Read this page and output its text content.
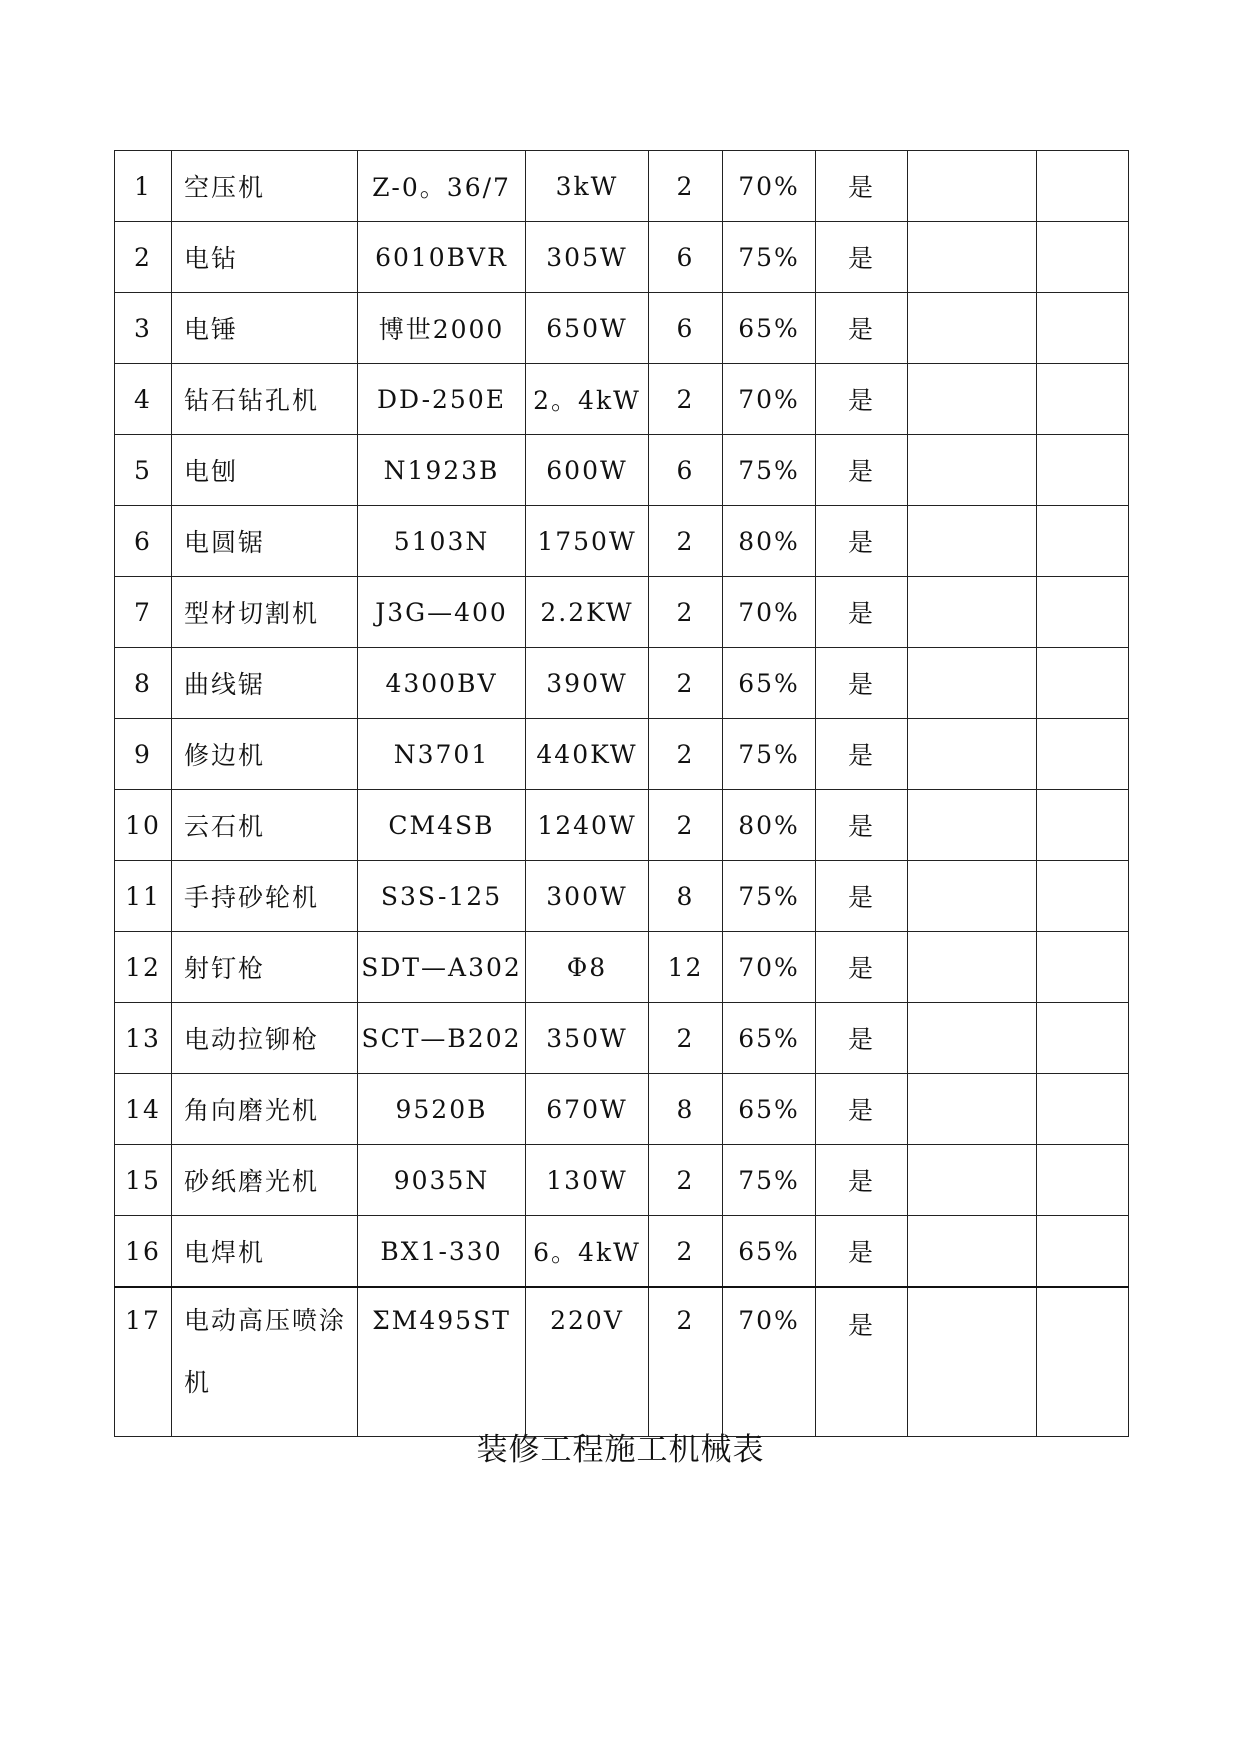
1	空压机	Z-0。36/7	3kW	2	70%	是		
2	电钻	6010BVR	305W	6	75%	是		
3	电锤	博世2000	650W	6	65%	是		
4	钻石钻孔机	DD-250E	2。4kW	2	70%	是		
5	电刨	N1923B	600W	6	75%	是		
6	电圆锯	5103N	1750W	2	80%	是		
7	型材切割机	J3G—400	2.2KW	2	70%	是		
8	曲线锯	4300BV	390W	2	65%	是		
9	修边机	N3701	440KW	2	75%	是		
10	云石机	CM4SB	1240W	2	80%	是		
11	手持砂轮机	S3S-125	300W	8	75%	是		
12	射钉枪	SDT—A302	Φ8	12	70%	是		
13	电动拉铆枪	SCT—B202	350W	2	65%	是		
14	角向磨光机	9520B	670W	8	65%	是		
15	砂纸磨光机	9035N	130W	2	75%	是		
16	电焊机	BX1-330	6。4kW	2	65%	是		
17	电动高压喷涂机	ΣM495ST	220V	2	70%	是		
装修工程施工机械表
